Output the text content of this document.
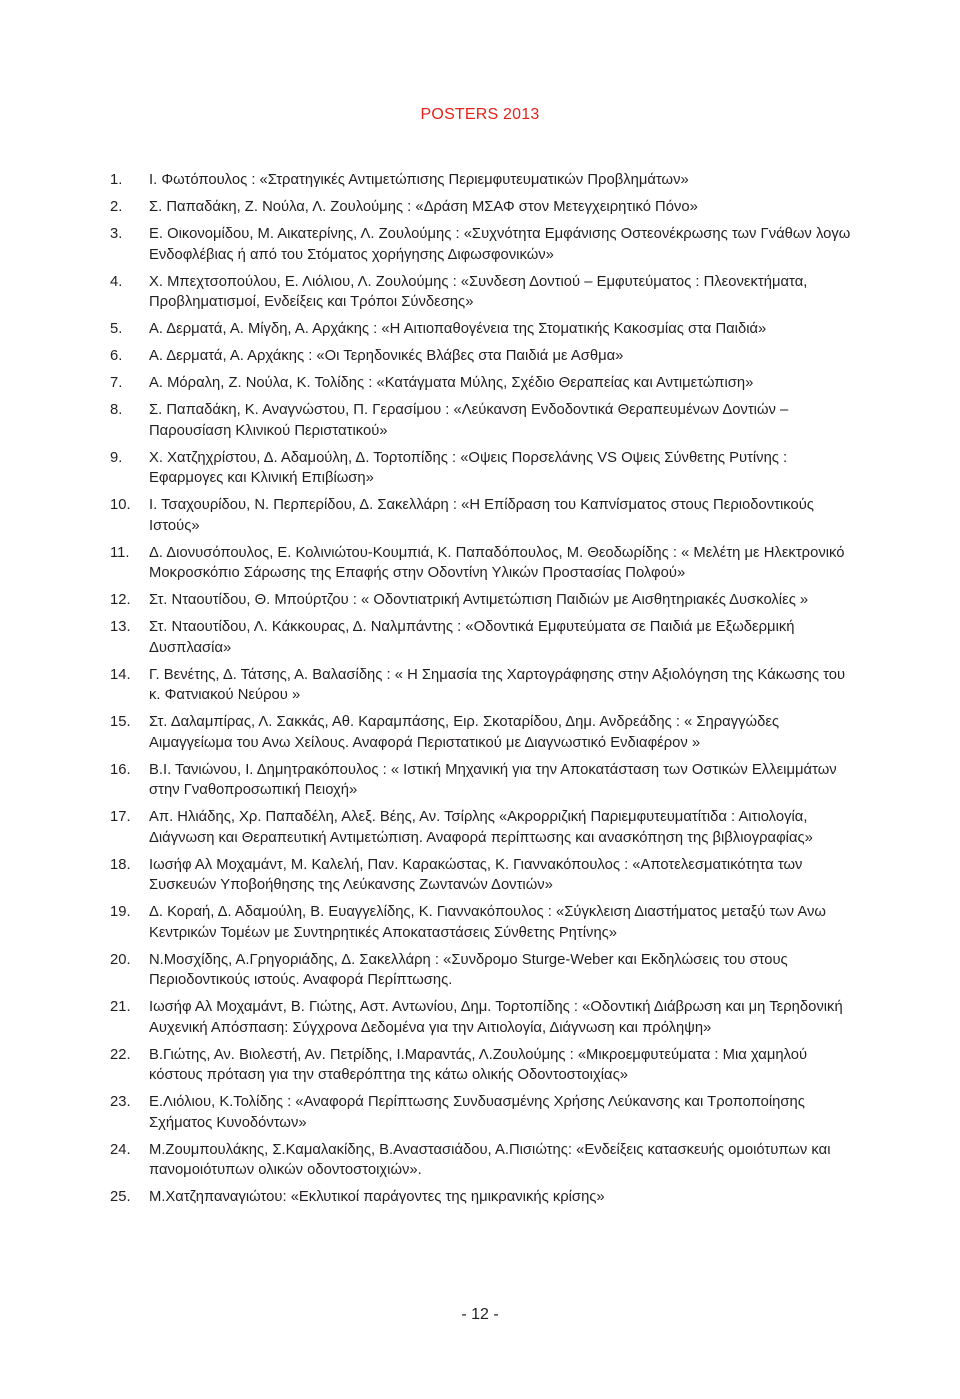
POSTERS 2013
1.	Ι. Φωτόπουλος : «Στρατηγικές Αντιμετώπισης Περιεμφυτευματικών Προβλημάτων»
2.	Σ. Παπαδάκη, Ζ. Νούλα, Λ. Ζουλούμης : «Δράση ΜΣΑΦ στον Μετεγχειρητικό Πόνο»
3.	Ε. Οικονομίδου, Μ. Αικατερίνης, Λ. Ζουλούμης : «Συχνότητα Εμφάνισης Οστεονέκρωσης των Γνάθων λογω Ενδοφλέβιας ή από του Στόματος χορήγησης Διφωσφονικών»
4.	Χ. Μπεχτσοπούλου, Ε. Λιόλιου, Λ. Ζουλούμης : «Συνδεση Δοντιού – Εμφυτεύματος : Πλεονεκτήματα, Προβληματισμοί, Ενδείξεις και Τρόποι Σύνδεσης»
5.	Α. Δερματά, Α. Μίγδη, Α. Αρχάκης : «Η Αιτιοπαθογένεια της Στοματικής Κακοσμίας στα Παιδιά»
6.	Α. Δερματά, Α. Αρχάκης : «Οι Τερηδονικές Βλάβες στα Παιδιά με Ασθμα»
7.	Α. Μόραλη, Ζ. Νούλα, Κ. Τολίδης : «Κατάγματα Μύλης, Σχέδιο Θεραπείας και Αντιμετώπιση»
8.	Σ. Παπαδάκη, Κ. Αναγνώστου, Π. Γερασίμου : «Λεύκανση Ενδοδοντικά Θεραπευμένων Δοντιών – Παρουσίαση Κλινικού Περιστατικού»
9.	Χ. Χατζηχρίστου, Δ. Αδαμούλη, Δ. Τορτοπίδης : «Οψεις Πορσελάνης VS Οψεις Σύνθετης Ρυτίνης : Εφαρμογες και Κλινική Επιβίωση»
10.	Ι. Τσαχουρίδου, Ν. Περπερίδου, Δ. Σακελλάρη : «Η Επίδραση του Καπνίσματος στους Περιοδοντικούς Ιστούς»
11.	Δ. Διονυσόπουλος, Ε. Κολινιώτου-Κουμπιά, Κ. Παπαδόπουλος, Μ. Θεοδωρίδης : « Μελέτη με Ηλεκτρονικό Μοκροσκόπιο Σάρωσης της Επαφής στην Οδοντίνη Υλικών Προστασίας Πολφού»
12.	Στ. Νταουτίδου, Θ. Μπούρτζου : « Οδοντιατρική Αντιμετώπιση Παιδιών με Αισθητηριακές Δυσκολίες »
13.	Στ. Νταουτίδου, Λ. Κάκκουρας, Δ. Ναλμπάντης : «Οδοντικά Εμφυτεύματα σε Παιδιά με Εξωδερμική Δυσπλασία»
14.	Γ. Βενέτης, Δ. Τάτσης, Α. Βαλασίδης : « Η Σημασία της Χαρτογράφησης στην Αξιολόγηση της Κάκωσης του κ. Φατνιακού Νεύρου »
15.	Στ. Δαλαμπίρας, Λ. Σακκάς, Αθ. Καραμπάσης, Ειρ. Σκοταρίδου, Δημ. Ανδρεάδης : « Σηραγγώδες Αιμαγγείωμα του Ανω Χείλους. Αναφορά Περιστατικού με Διαγνωστικό Ενδιαφέρον »
16.	Β.Ι. Τανιώνου, Ι. Δημητρακόπουλος : « Ιστική Μηχανική για την Αποκατάσταση των Οστικών Ελλειμμάτων στην Γναθοπροσωπική Πειοχή»
17.	Απ. Ηλιάδης, Χρ. Παπαδέλη, Αλεξ. Βέης, Αν. Τσίρλης «Ακρορριζική Παριεμφυτευματίτιδα : Αιτιολογία, Διάγνωση και Θεραπευτική Αντιμετώπιση. Αναφορά περίπτωσης και ανασκόπηση της βιβλιογραφίας»
18.	Ιωσήφ Αλ Μοχαμάντ, Μ. Καλελή, Παν. Καρακώστας, Κ. Γιαννακόπουλος : «Αποτελεσματικότητα των Συσκευών Υποβοήθησης της Λεύκανσης Ζωντανών Δοντιών»
19.	Δ. Κοραή, Δ. Αδαμούλη, Β. Ευαγγελίδης, Κ. Γιαννακόπουλος : «Σύγκλειση Διαστήματος μεταξύ των Ανω Κεντρικών Τομέων με Συντηρητικές Αποκαταστάσεις Σύνθετης Ρητίνης»
20.	Ν.Μοσχίδης, Α.Γρηγοριάδης, Δ. Σακελλάρη : «Συνδρομο Sturge-Weber και Εκδηλώσεις του στους Περιοδοντικούς ιστούς. Αναφορά Περίπτωσης.
21.	Ιωσήφ Αλ Μοχαμάντ, Β. Γιώτης, Αστ. Αντωνίου, Δημ. Τορτοπίδης : «Οδοντική Διάβρωση και μη Τερηδονική Αυχενική Απόσπαση: Σύγχρονα Δεδομένα για την Αιτιολογία, Διάγνωση και πρόληψη»
22.	Β.Γιώτης, Αν. Βιολεστή, Αν. Πετρίδης, Ι.Μαραντάς, Λ.Ζουλούμης : «Μικροεμφυτεύματα : Μια χαμηλού κόστους πρόταση για την σταθερόπτηα της κάτω ολικής Οδοντοστοιχίας»
23.	Ε.Λιόλιου, Κ.Τολίδης : «Αναφορά Περίπτωσης Συνδυασμένης Χρήσης Λεύκανσης και Τροποποίησης Σχήματος Κυνοδόντων»
24.	Μ.Ζουμπουλάκης, Σ.Καμαλακίδης, Β.Αναστασιάδου, Α.Πισιώτης: «Ενδείξεις κατασκευής ομοιότυπων και πανομοιότυπων ολικών οδοντοστοιχιών».
25.	Μ.Χατζηπαναγιώτου: «Εκλυτικοί παράγοντες της ημικρανικής κρίσης»
- 12 -
